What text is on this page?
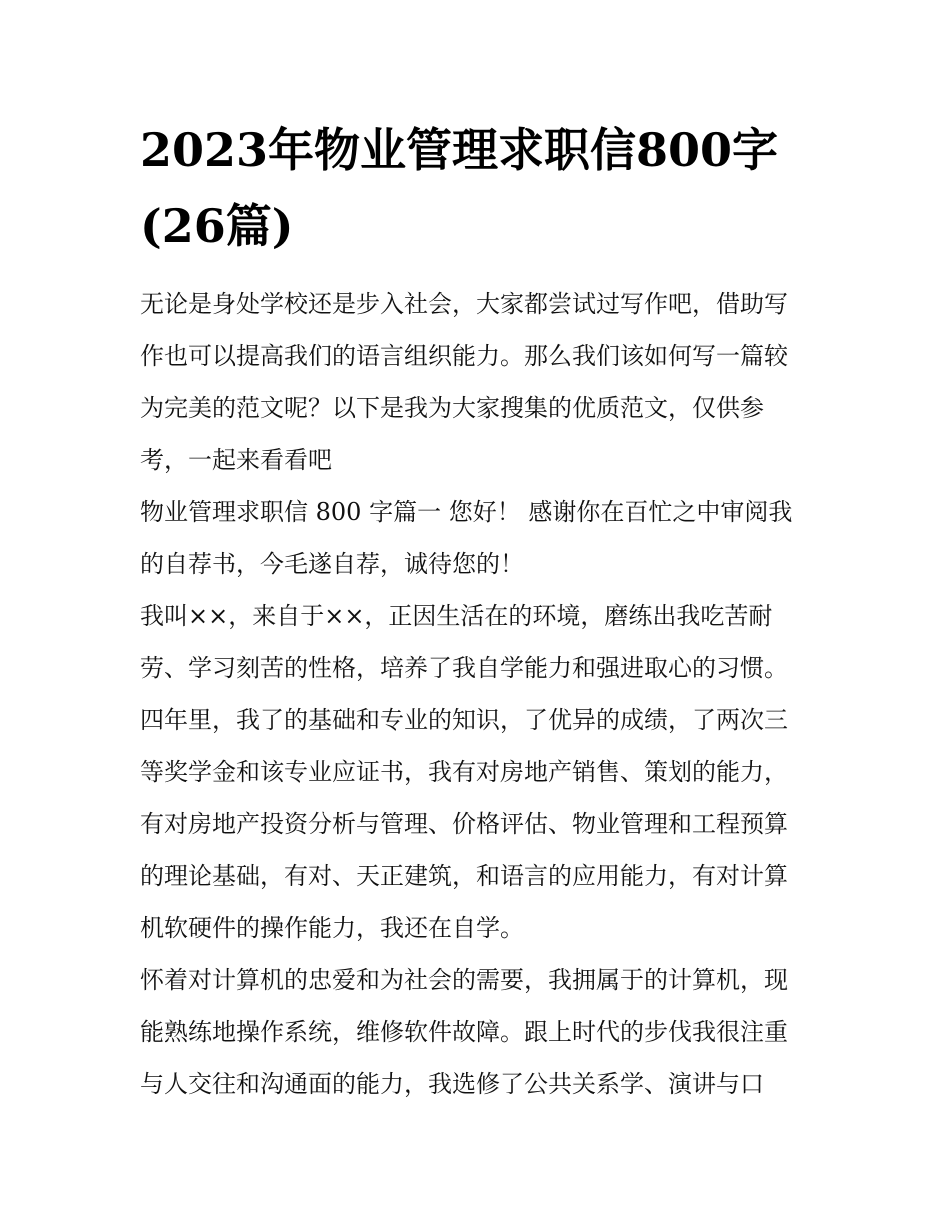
2023年物业管理求职信800字(26篇)

无论是身处学校还是步入社会，大家都尝试过写作吧，借助写

作也可以提高我们的语言组织能力。那么我们该如何写一篇较

为完美的范文呢？以下是我为大家搜集的优质范文，仅供参

考，一起来看看吧

物业管理求职信 800 字篇一 您好！ 感谢你在百忙之中审阅我

的自荐书，今毛遂自荐，诚待您的！

我叫××，来自于××，正因生活在的环境，磨练出我吃苦耐

劳、学习刻苦的性格，培养了我自学能力和强进取心的习惯。

四年里，我了的基础和专业的知识，了优异的成绩，了两次三

等奖学金和该专业应证书，我有对房地产销售、策划的能力，

有对房地产投资分析与管理、价格评估、物业管理和工程预算

的理论基础，有对、天正建筑，和语言的应用能力，有对计算

机软硬件的操作能力，我还在自学。

怀着对计算机的忠爱和为社会的需要，我拥属于的计算机，现

能熟练地操作系统，维修软件故障。跟上时代的步伐我很注重

与人交往和沟通面的能力，我选修了公共关系学、演讲与口
